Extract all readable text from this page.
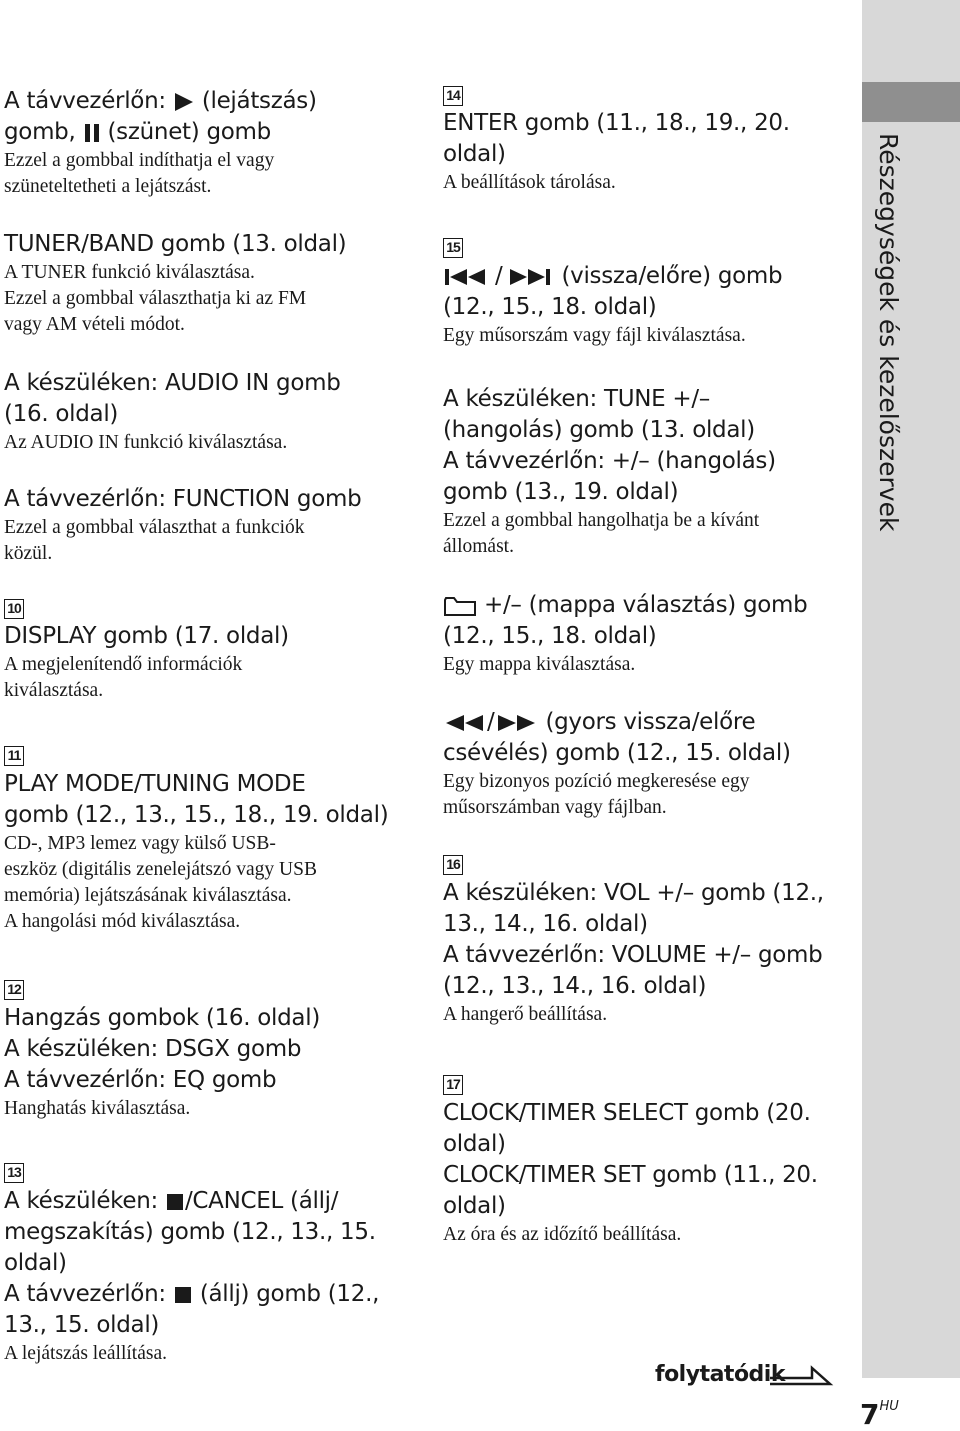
Részegységek és kezelőszervek
A távvezérlőn:  (lejátszás)
gomb,  (szünet) gomb
Ezzel a gombbal indíthatja el vagy
szüneteltetheti a lejátszást.
TUNER/BAND gomb (13. oldal)
A TUNER funkció kiválasztása.
Ezzel a gombbal választhatja ki az FM
vagy AM vételi módot.
A készüléken: AUDIO IN gomb
(16. oldal)
Az AUDIO IN funkció kiválasztása.
A távvezérlőn: FUNCTION gomb
Ezzel a gombbal választhat a funkciók
közül.
10
DISPLAY gomb (17. oldal)
A megjelenítendő információk
kiválasztása.
11
PLAY MODE/TUNING MODE
gomb (12., 13., 15., 18., 19. oldal)
CD-, MP3 lemez vagy külső USB-
eszköz (digitális zenelejátszó vagy USB
memória) lejátszásának kiválasztása.
A hangolási mód kiválasztása.
12
Hangzás gombok (16. oldal)
A készüléken: DSGX gomb
A távvezérlőn: EQ gomb
Hanghatás kiválasztása.
13
A készüléken: /CANCEL (állj/
megszakítás) gomb (12., 13., 15.
oldal)
A távvezérlőn:  (állj) gomb (12.,
13., 15. oldal)
A lejátszás leállítása.
14
ENTER gomb (11., 18., 19., 20.
oldal)
A beállítások tárolása.
15
/ (vissza/előre) gomb
(12., 15., 18. oldal)
Egy műsorszám vagy fájl kiválasztása.
A készüléken: TUNE +/–
(hangolás) gomb (13. oldal)
A távvezérlőn: +/– (hangolás)
gomb (13., 19. oldal)
Ezzel a gombbal hangolhatja be a kívánt
állomást.
+/– (mappa választás) gomb
(12., 15., 18. oldal)
Egy mappa kiválasztása.
/ (gyors vissza/előre
csévélés) gomb (12., 15. oldal)
Egy bizonyos pozíció megkeresése egy
műsorszámban vagy fájlban.
16
A készüléken: VOL +/– gomb (12.,
13., 14., 16. oldal)
A távvezérlőn: VOLUME +/– gomb
(12., 13., 14., 16. oldal)
A hangerő beállítása.
17
CLOCK/TIMER SELECT gomb (20.
oldal)
CLOCK/TIMER SET gomb (11., 20.
oldal)
Az óra és az időzítő beállítása.
folytatódik
$7^{HU}$
